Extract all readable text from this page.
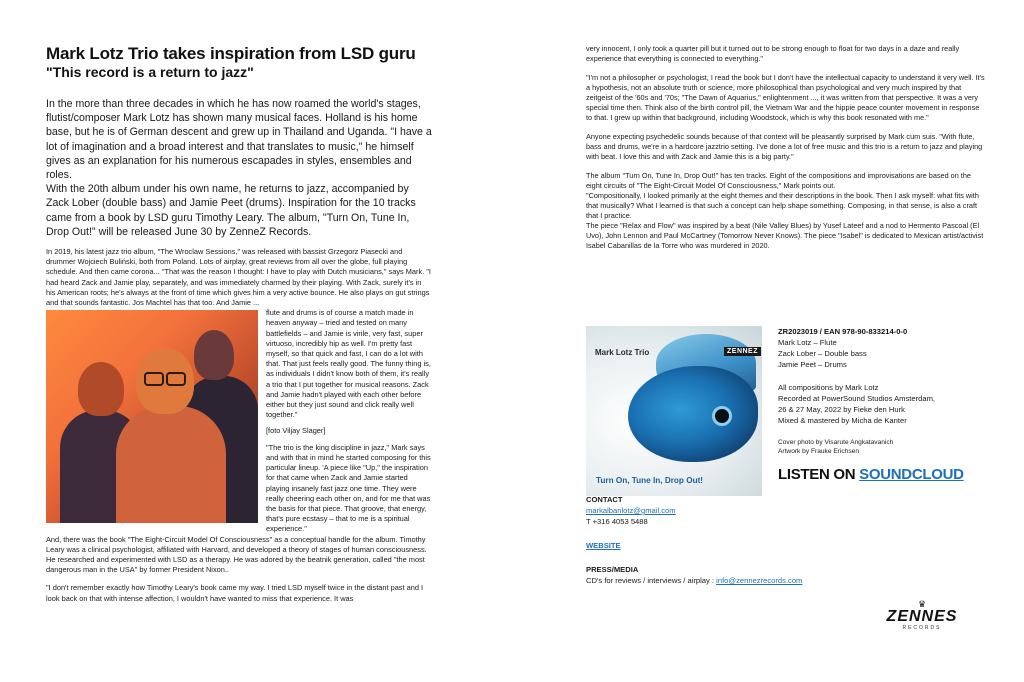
Mark Lotz Trio takes inspiration from LSD guru
"This record is a return to jazz"

In the more than three decades in which he has now roamed the world's stages, flutist/composer Mark Lotz has shown many musical faces. Holland is his home base, but he is of German descent and grew up in Thailand and Uganda. "I have a lot of imagination and a broad interest and that translates to music," he himself gives as an explanation for his numerous escapades in styles, ensembles and roles.
With the 20th album under his own name, he returns to jazz, accompanied by Zack Lober (double bass) and Jamie Peet (drums). Inspiration for the 10 tracks came from a book by LSD guru Timothy Leary. The album, "Turn On, Tune In, Drop Out!" will be released June 30 by ZenneZ Records.

In 2019, his latest jazz trio album, "The Wroclaw Sessions," was released with bassist Grzegorz Piasecki and drummer Wojciech Buliński, both from Poland. Lots of airplay, great reviews from all over the globe, full playing schedule. And then came corona... "That was the reason I thought: I have to play with Dutch musicians," says Mark. "I had heard Zack and Jamie play, separately, and was immediately charmed by their playing. With Zack, surely it's in his American roots; he's always at the front of time which gives him a very active bounce. He also plays on gut strings and that sounds fantastic. Jos Machtel has that too. And Jamie ...

flute and drums is of course a match made in heaven anyway – tried and tested on many battlefields – and Jamie is virile, very fast, super virtuoso, incredibly hip as well. I'm pretty fast myself, so that quick and fast, I can do a lot with that. That just feels really good. The funny thing is, as individuals I didn't know both of them, it's really a trio that I put together for musical reasons. Zack and Jamie hadn't played with each other before either but they just sound and click really well together."
[foto Viljay Slager]
"The trio is the king discipline in jazz," Mark says and with that in mind he started composing for this particular lineup. 'A piece like "Up," the inspiration for that came when Zack and Jamie started playing insanely fast jazz one time. They were really cheering each other on, and for me that was the basis for that piece. That groove, that energy, that's pure ecstasy – that to me is a spiritual experience."
And, there was the book "The Eight-Circuit Model Of Consciousness" as a conceptual handle for the album. Timothy Leary was a clinical psychologist, affiliated with Harvard, and developed a theory of stages of human consciousness. He researched and experimented with LSD as a therapy. He was adored by the beatnik generation, called "the most dangerous man in the USA" by former President Nixon..
"I don't remember exactly how Timothy Leary's book came my way. I tried LSD myself twice in the distant past and I look back on that with intense affection, I wouldn't have wanted to miss that experience. It was

very innocent, I only took a quarter pill but it turned out to be strong enough to float for two days in a daze and really experience that everything is connected to everything."

"I'm not a philosopher or psychologist, I read the book but I don't have the intellectual capacity to understand it very well. It's a hypothesis, not an absolute truth or science, more philosophical than psychological and very much inspired by that zeitgeist of the '60s and '70s; "The Dawn of Aquarius," enlightenment ..., it was written from that perspective. It was a very special time then. Think also of the birth control pill, the Vietnam War and the hippie peace counter movement in response to that. I grew up within that background, including Woodstock, which is why this book resonated with me."

Anyone expecting psychedelic sounds because of that context will be pleasantly surprised by Mark cum suis. "With flute, bass and drums, we're in a hardcore jazztrio setting. I've done a lot of free music and this trio is a return to jazz and playing with beat. I love this and with Zack and Jamie this is a big party."

The album "Turn On, Tune In, Drop Out!" has ten tracks. Eight of the compositions and improvisations are based on the eight circuits of "The Eight-Circuit Model Of Consciousness," Mark points out.
"Compositionally, I looked primarily at the eight themes and their descriptions in the book. Then I ask myself: what fits with that musically? What I learned is that such a concept can help shape something. Composing, in that sense, is also a craft that I practice.
The piece "Relax and Flow" was inspired by a beat (Nile Valley Blues) by Yusef Lateef and a nod to Hermento Pascoal (El Uvo), John Lennon and Paul McCartney (Tomorrow Never Knows). The piece "Isabel" is dedicated to Mexican artist/activist Isabel Cabanillas de la Torre who was murdered in 2020.

Mark Lotz Trio	ZENNEZ
Turn On, Tune In, Drop Out!

ZR2023019 / EAN 978-90-833214-0-0

Mark Lotz – Flute

Zack Lober – Double bass

Jamie Peet – Drums

All compositions by Mark Lotz

Recorded at PowerSound Studios Amsterdam,

26 & 27 May, 2022 by Fieke den Hurk

Mixed & mastered by Micha de Kanter

Cover photo by Visarute Angkatavanich

Artwork by Frauke Erichsen

LISTEN ON SOUNDCLOUD

CONTACT

markalbanlotz@gmail.com

T +316 4053 5488

WEBSITE

PRESS/MEDIA

CD's for reviews / interviews / airplay : info@zennezrecords.com

♛
ZENNES
RECORDS
